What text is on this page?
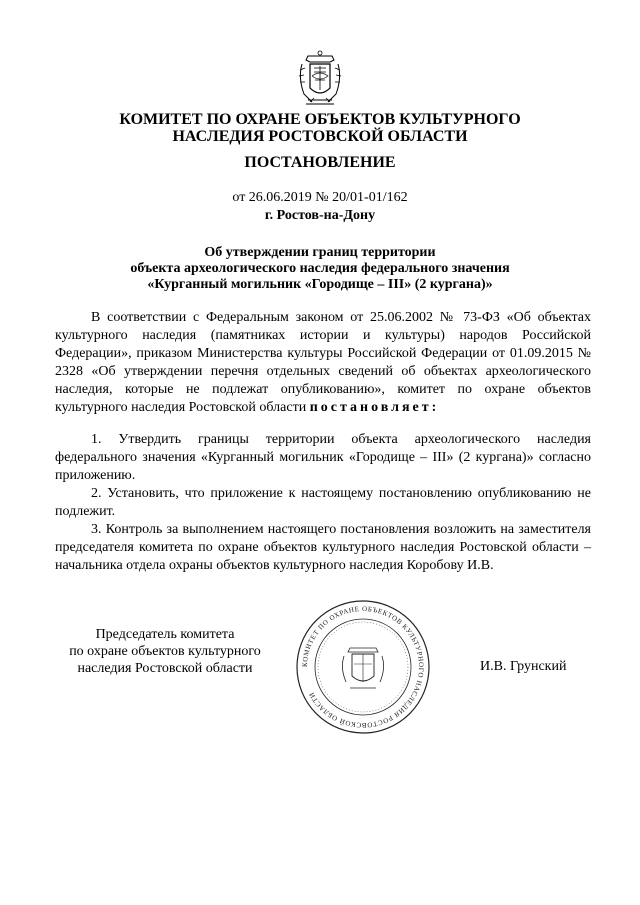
КОМИТЕТ ПО ОХРАНЕ ОБЪЕКТОВ КУЛЬТУРНОГО
НАСЛЕДИЯ РОСТОВСКОЙ ОБЛАСТИ
ПОСТАНОВЛЕНИЕ
от 26.06.2019 № 20/01-01/162
г. Ростов-на-Дону
Об утверждении границ территории
объекта археологического наследия федерального значения
«Курганный могильник «Городище – III» (2 кургана)»

В соответствии с Федеральным законом от 25.06.2002 № 73-ФЗ «Об объектах культурного наследия (памятниках истории и культуры) народов Российской Федерации», приказом Министерства культуры Российской Федерации от 01.09.2015 № 2328 «Об утверждении перечня отдельных сведений об объектах археологического наследия, которые не подлежат опубликованию», комитет по охране объектов культурного наследия Ростовской области постановляет:

1. Утвердить границы территории объекта археологического наследия федерального значения «Курганный могильник «Городище – III» (2 кургана)» согласно приложению.

2. Установить, что приложение к настоящему постановлению опубликованию не подлежит.

3. Контроль за выполнением настоящего постановления возложить на заместителя председателя комитета по охране объектов культурного наследия Ростовской области – начальника отдела охраны объектов культурного наследия Коробову И.В.

Председатель комитета
по охране объектов культурного
наследия Ростовской области	КОМИТЕТ ПО ОХРАНЕ ОБЪЕКТОВ КУЛЬТУРНОГО НАСЛЕДИЯ РОСТОВСКОЙ ОБЛАСТИ
И.В. Грунский
